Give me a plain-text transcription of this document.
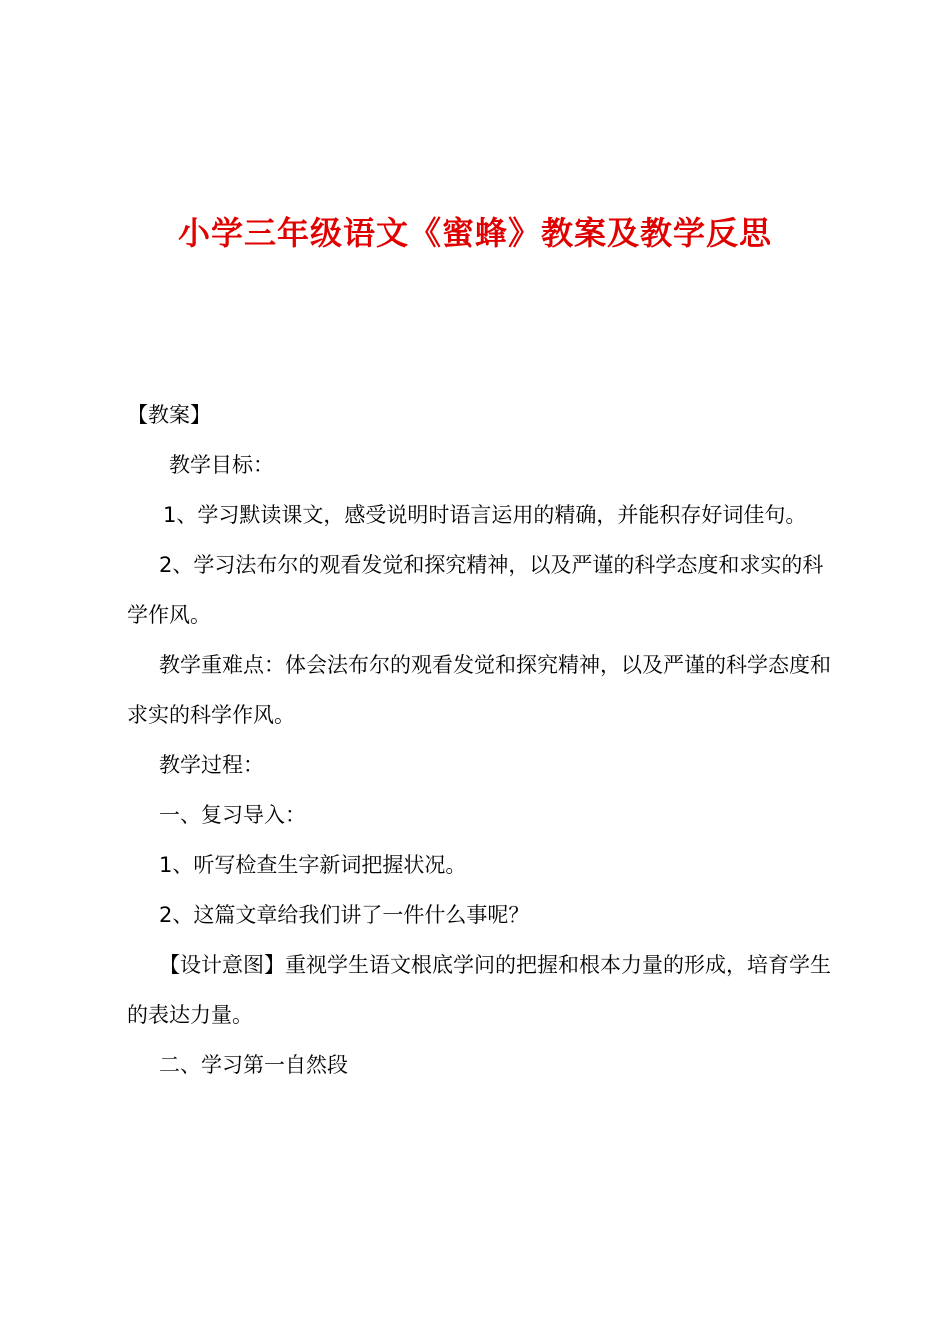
小学三年级语文《蜜蜂》教案及教学反思

【教案】

教学目标：

1、学习默读课文，感受说明时语言运用的精确，并能积存好词佳句。

2、学习法布尔的观看发觉和探究精神，以及严谨的科学态度和求实的科学作风。

教学重难点：体会法布尔的观看发觉和探究精神，以及严谨的科学态度和求实的科学作风。

教学过程：

一、复习导入：

1、听写检查生字新词把握状况。

2、这篇文章给我们讲了一件什么事呢？

【设计意图】重视学生语文根底学问的把握和根本力量的形成，培育学生的表达力量。

二、学习第一自然段
